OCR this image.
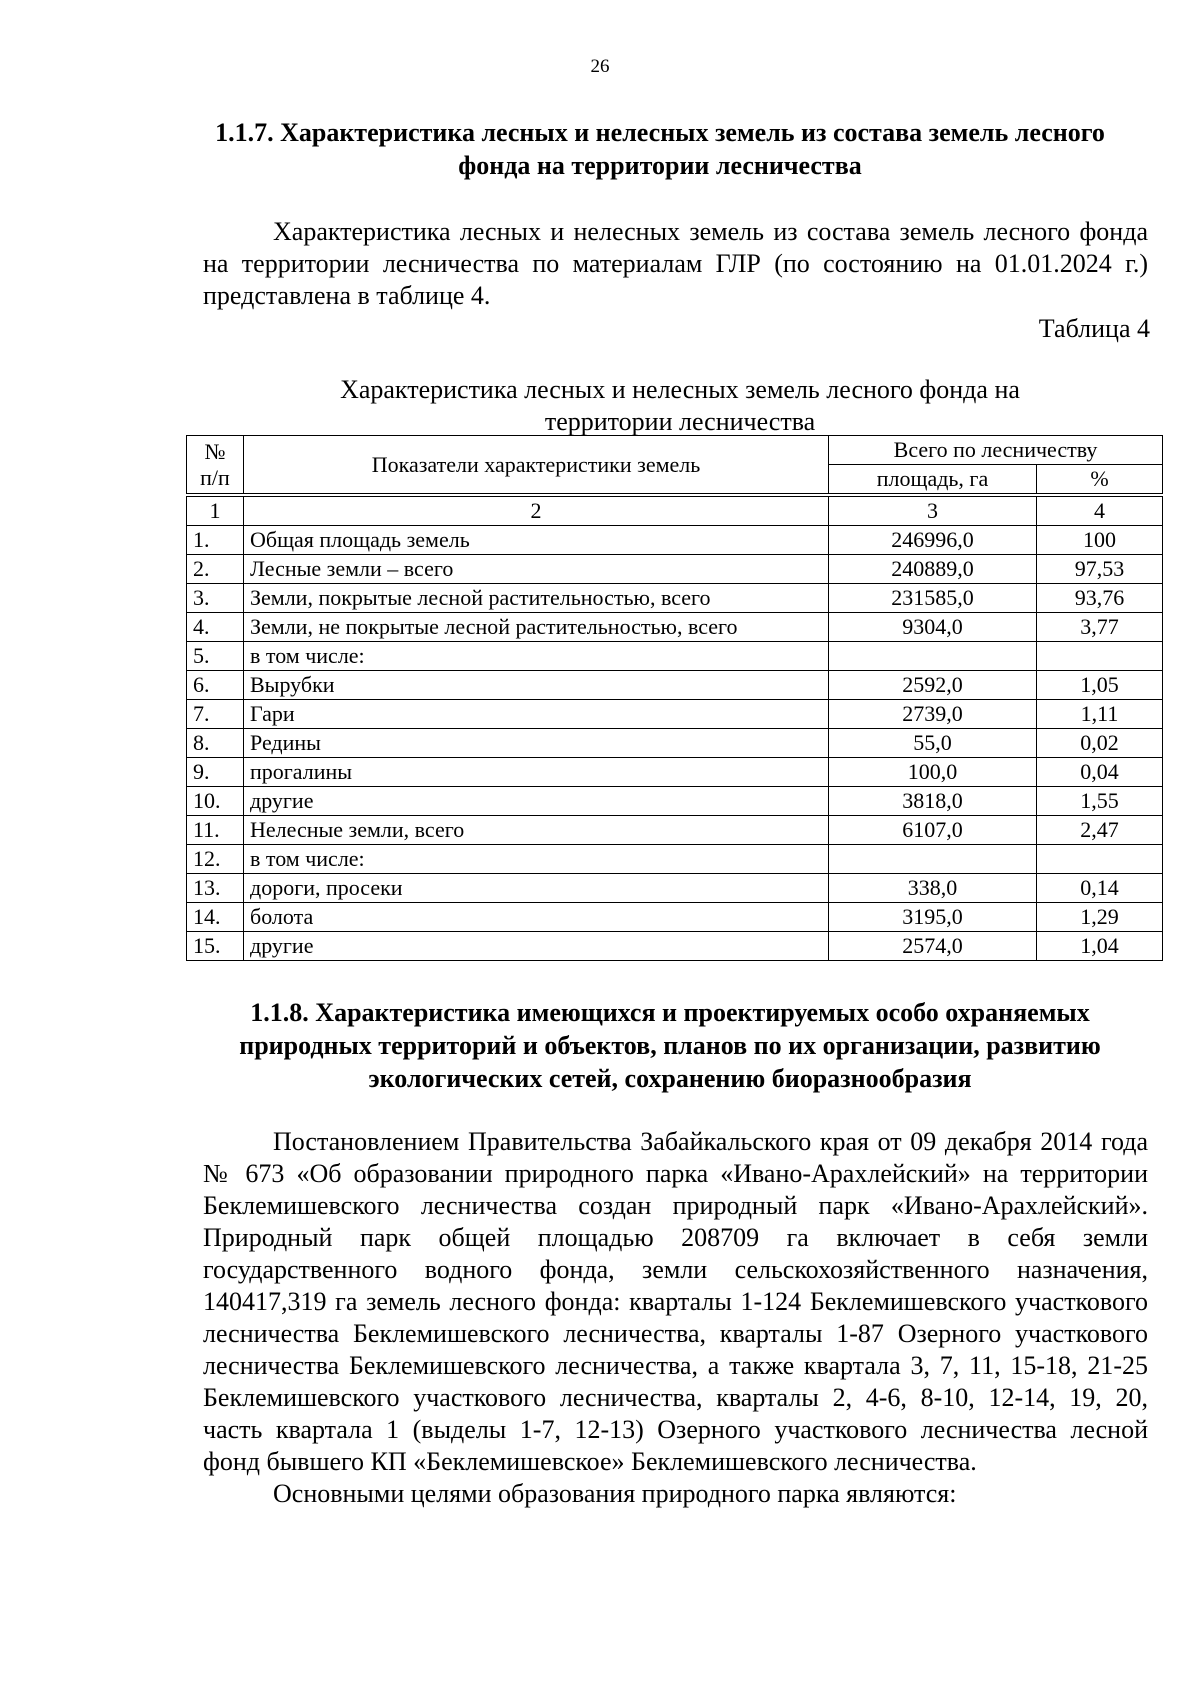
26
1.1.7. Характеристика лесных и нелесных земель из состава земель лесного фонда на территории лесничества

Характеристика лесных и нелесных земель из состава земель лесного фонда на территории лесничества по материалам ГЛР (по состоянию на 01.01.2024 г.) представлена в таблице 4.

Таблица 4
Характеристика лесных и нелесных земель лесного фонда на территории лесничества
№ п/п	Показатели характеристики земель	Всего по лесничеству	
		площадь, га	%
1	2	3	4
1.	Общая площадь земель	246996,0	100
2.	Лесные земли – всего	240889,0	97,53
3.	Земли, покрытые лесной растительностью, всего	231585,0	93,76
4.	Земли, не покрытые лесной растительностью, всего	9304,0	3,77
5.	в том числе:		
6.	Вырубки	2592,0	1,05
7.	Гари	2739,0	1,11
8.	Редины	55,0	0,02
9.	прогалины	100,0	0,04
10.	другие	3818,0	1,55
11.	Нелесные земли, всего	6107,0	2,47
12.	в том числе:		
13.	дороги, просеки	338,0	0,14
14.	болота	3195,0	1,29
15.	другие	2574,0	1,04
1.1.8. Характеристика имеющихся и проектируемых особо охраняемых природных территорий и объектов, планов по их организации, развитию экологических сетей, сохранению биоразнообразия

Постановлением Правительства Забайкальского края от 09 декабря 2014 года № 673 «Об образовании природного парка «Ивано-Арахлейский» на территории Беклемишевского лесничества создан природный парк «Ивано-Арахлейский». Природный парк общей площадью 208709 га включает в себя земли государственного водного фонда, земли сельскохозяйственного назначения, 140417,319 га земель лесного фонда: кварталы 1-124 Беклемишевского участкового лесничества Беклемишевского лесничества, кварталы 1-87 Озерного участкового лесничества Беклемишевского лесничества, а также квартала 3, 7, 11, 15-18, 21-25 Беклемишевского участкового лесничества, кварталы 2, 4-6, 8-10, 12-14, 19, 20, часть квартала 1 (выделы 1-7, 12-13) Озерного участкового лесничества лесной фонд бывшего КП «Беклемишевское» Беклемишевского лесничества.

Основными целями образования природного парка являются:
